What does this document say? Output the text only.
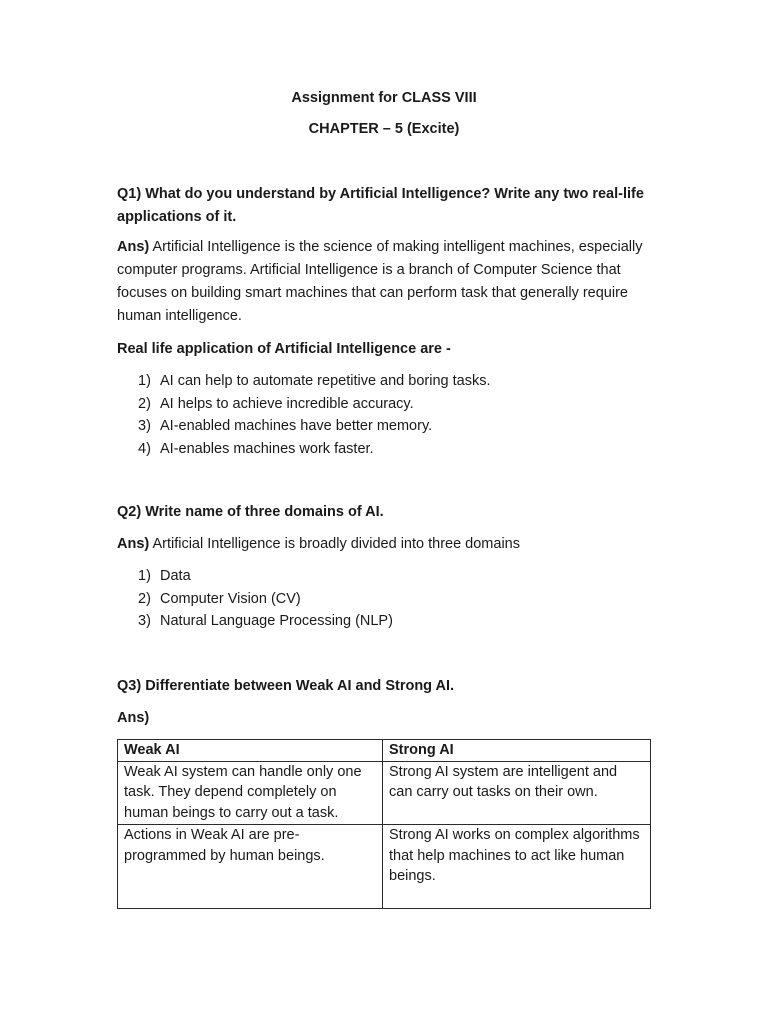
Assignment for CLASS VIII
CHAPTER – 5 (Excite)
Q1) What do you understand by Artificial Intelligence? Write any two real-life applications of it.
Ans) Artificial Intelligence is the science of making intelligent machines, especially computer programs. Artificial Intelligence is a branch of Computer Science that focuses on building smart machines that can perform task that generally require human intelligence.
Real life application of Artificial Intelligence are -
1) AI can help to automate repetitive and boring tasks.
2) AI helps to achieve incredible accuracy.
3) AI-enabled machines have better memory.
4) AI-enables machines work faster.
Q2) Write name of three domains of AI.
Ans) Artificial Intelligence is broadly divided into three domains
1) Data
2) Computer Vision (CV)
3) Natural Language Processing (NLP)
Q3) Differentiate between Weak AI and Strong AI.
Ans)
Weak AI	Strong AI
Weak AI system can handle only one task. They depend completely on human beings to carry out a task.	Strong AI system are intelligent and can carry out tasks on their own.
Actions in Weak AI are pre-programmed by human beings.	Strong AI works on complex algorithms that help machines to act like human beings.
